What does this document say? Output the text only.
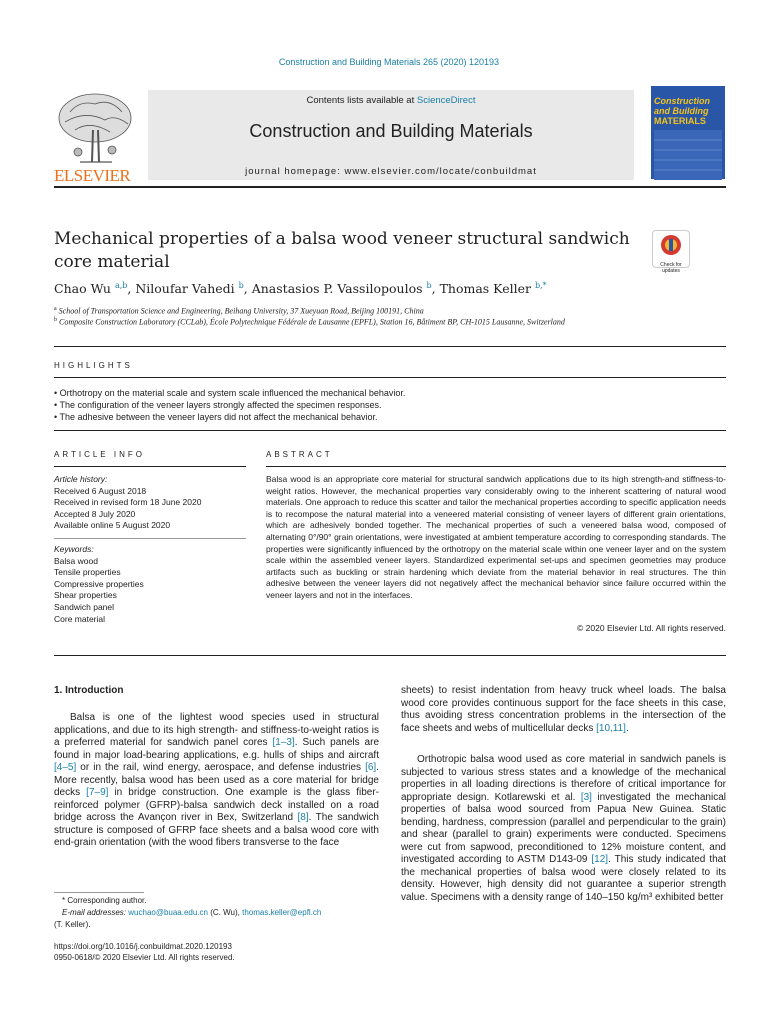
Construction and Building Materials 265 (2020) 120193
ELSEVIER
Contents lists available at ScienceDirect
Construction and Building Materials
journal homepage: www.elsevier.com/locate/conbuildmat
Construction
and Building
MATERIALS
Mechanical properties of a balsa wood veneer structural sandwich core material	Check for updates
Chao Wu $^{a,b}$, Niloufar Vahedi $^b$, Anastasios P. Vassilopoulos $^b$, Thomas Keller $^{b,*}$
$^a$ School of Transportation Science and Engineering, Beihang University, 37 Xueyuan Road, Beijing 100191, China
$^b$ Composite Construction Laboratory (CCLab), École Polytechnique Fédérale de Lausanne (EPFL), Station 16, Bâtiment BP, CH-1015 Lausanne, Switzerland
HIGHLIGHTS
• Orthotropy on the material scale and system scale influenced the mechanical behavior.
• The configuration of the veneer layers strongly affected the specimen responses.
• The adhesive between the veneer layers did not affect the mechanical behavior.
ARTICLE INFO
Article history:
Received 6 August 2018
Received in revised form 18 June 2020
Accepted 8 July 2020
Available online 5 August 2020
Keywords:
Balsa wood
Tensile properties
Compressive properties
Shear properties
Sandwich panel
Core material
ABSTRACT
Balsa wood is an appropriate core material for structural sandwich applications due to its high strength-and stiffness-to-weight ratios. However, the mechanical properties vary considerably owing to the inherent scattering of natural wood materials. One approach to reduce this scatter and tailor the mechanical properties according to specific application needs is to recompose the natural material into a veneered material consisting of veneer layers of different grain orientations, which are adhesively bonded together. The mechanical properties of such a veneered balsa wood, composed of alternating 0°/90° grain orientations, were investigated at ambient temperature according to corresponding standards. The properties were significantly influenced by the orthotropy on the material scale within one veneer layer and on the system scale within the assembled veneer layers. Standardized experimental set-ups and specimen geometries may produce artifacts such as buckling or strain hardening which deviate from the material behavior in real structures. The thin adhesive between the veneer layers did not negatively affect the mechanical behavior since failure occurred within the veneer layers and not in the interfaces.
© 2020 Elsevier Ltd. All rights reserved.
1. Introduction
Balsa is one of the lightest wood species used in structural applications, and due to its high strength- and stiffness-to-weight ratios is a preferred material for sandwich panel cores [1–3]. Such panels are found in major load-bearing applications, e.g. hulls of ships and aircraft [4–5] or in the rail, wind energy, aerospace, and defense industries [6]. More recently, balsa wood has been used as a core material for bridge decks [7–9] in bridge construction. One example is the glass fiber-reinforced polymer (GFRP)-balsa sandwich deck installed on a road bridge across the Avançon river in Bex, Switzerland [8]. The sandwich structure is composed of GFRP face sheets and a balsa wood core with end-grain orientation (with the wood fibers transverse to the face
sheets) to resist indentation from heavy truck wheel loads. The balsa wood core provides continuous support for the face sheets in this case, thus avoiding stress concentration problems in the intersection of the face sheets and webs of multicellular decks [10,11].
Orthotropic balsa wood used as core material in sandwich panels is subjected to various stress states and a knowledge of the mechanical properties in all loading directions is therefore of critical importance for appropriate design. Kotlarewski et al. [3] investigated the mechanical properties of balsa wood sourced from Papua New Guinea. Static bending, hardness, compression (parallel and perpendicular to the grain) and shear (parallel to grain) experiments were conducted. Specimens were cut from sapwood, preconditioned to 12% moisture content, and investigated according to ASTM D143-09 [12]. This study indicated that the mechanical properties of balsa wood were closely related to its density. However, high density did not guarantee a superior strength value. Specimens with a density range of 140–150 kg/m³ exhibited better
* Corresponding author.
E-mail addresses: wuchao@buaa.edu.cn (C. Wu), thomas.keller@epfl.ch
(T. Keller).
https://doi.org/10.1016/j.conbuildmat.2020.120193
0950-0618/© 2020 Elsevier Ltd. All rights reserved.
